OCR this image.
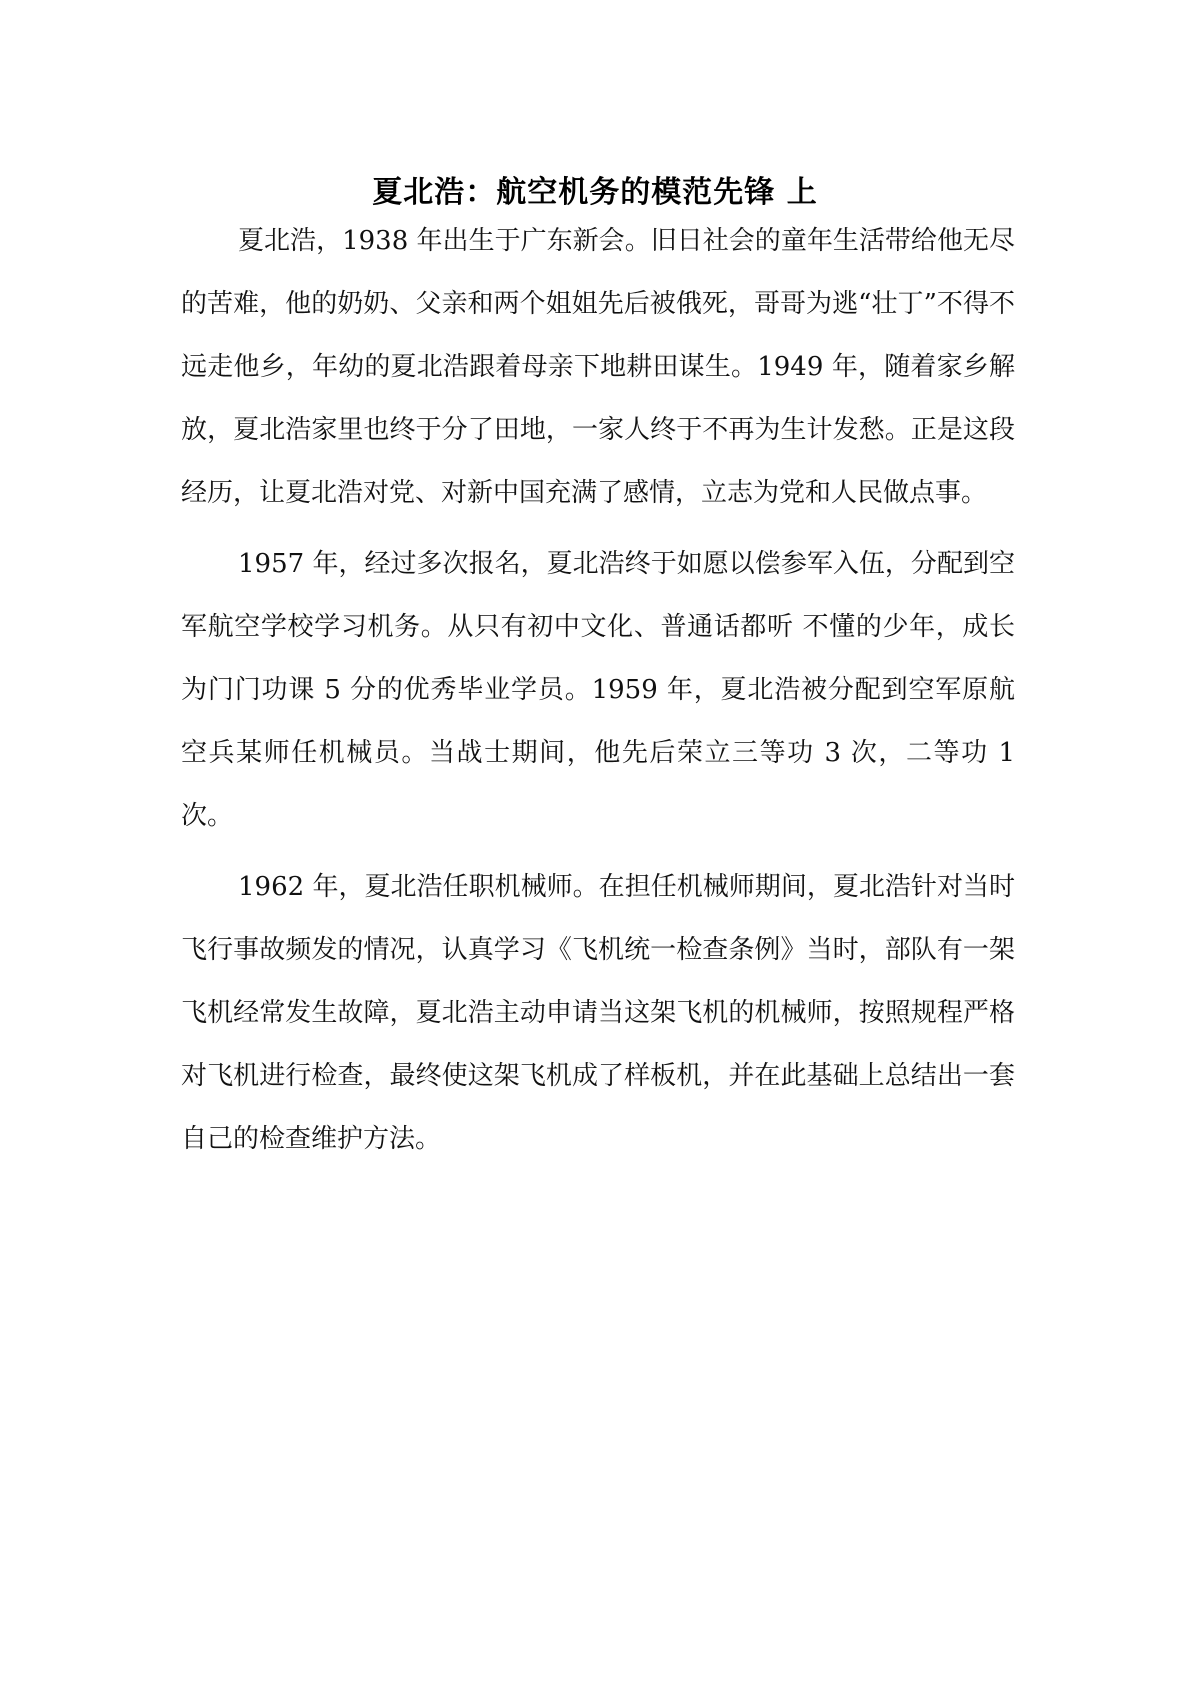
夏北浩：航空机务的模范先锋 上

夏北浩，1938 年出生于广东新会。旧日社会的童年生活带给他无尽的苦难，他的奶奶、父亲和两个姐姐先后被俄死，哥哥为逃“壮丁”不得不远走他乡，年幼的夏北浩跟着母亲下地耕田谋生。1949 年，随着家乡解放，夏北浩家里也终于分了田地，一家人终于不再为生计发愁。正是这段经历，让夏北浩对党、对新中国充满了感情，立志为党和人民做点事。

1957 年，经过多次报名，夏北浩终于如愿以偿参军入伍，分配到空军航空学校学习机务。从只有初中文化、普通话都听 不懂的少年，成长为门门功课 5 分的优秀毕业学员。1959 年，夏北浩被分配到空军原航空兵某师任机械员。当战士期间，他先后荣立三等功 3 次，二等功 1 次。

1962 年，夏北浩任职机械师。在担任机械师期间，夏北浩针对当时飞行事故频发的情况，认真学习《飞机统一检查条例》当时，部队有一架飞机经常发生故障，夏北浩主动申请当这架飞机的机械师，按照规程严格对飞机进行检查，最终使这架飞机成了样板机，并在此基础上总结出一套自己的检查维护方法。
